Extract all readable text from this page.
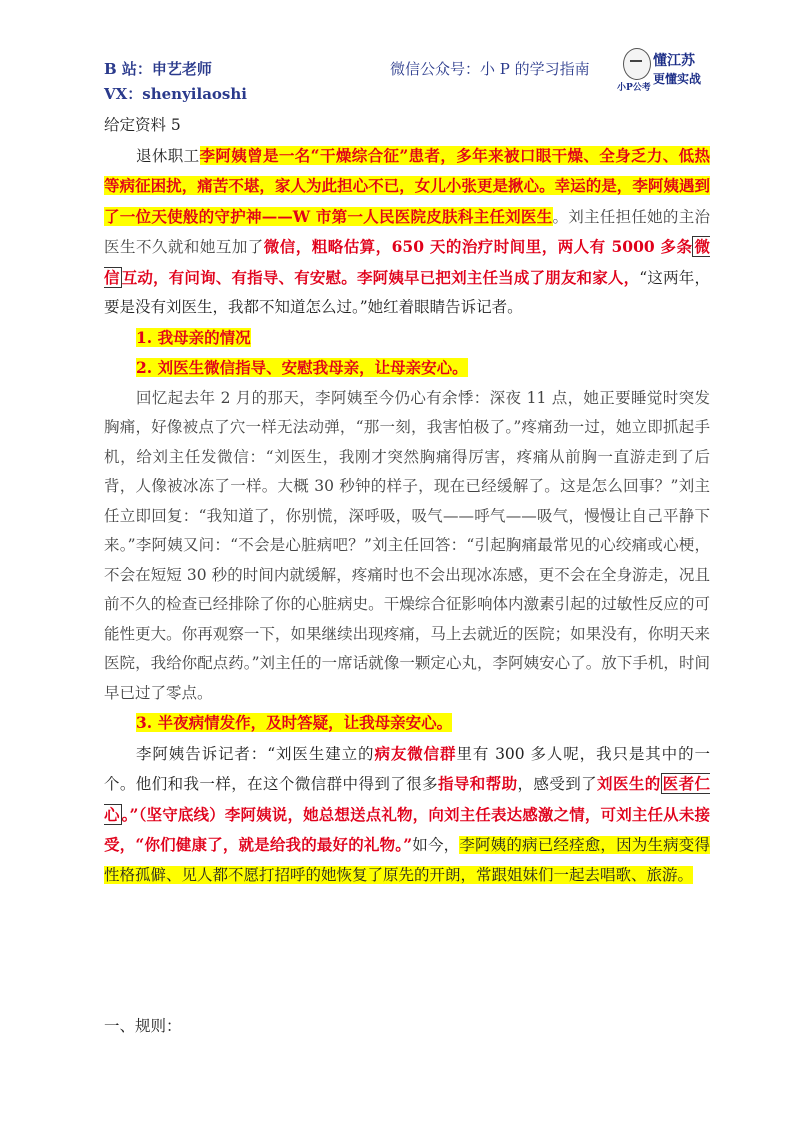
B 站：申艺老师
VX：shenyilaoshi
微信公众号：小 P 的学习指南	懂江苏
更懂实战
小P公考

给定资料 5

退休职工李阿姨曾是一名“干燥综合征”患者，多年来被口眼干燥、全身乏力、低热等病征困扰，痛苦不堪，家人为此担心不已，女儿小张更是揪心。幸运的是，李阿姨遇到了一位天使般的守护神——W 市第一人民医院皮肤科主任刘医生。刘主任担任她的主治医生不久就和她互加了微信，粗略估算，650 天的治疗时间里，两人有 5000 多条 微信 互动，有问询、有指导、有安慰。李阿姨早已把刘主任当成了朋友和家人，“这两年，要是没有刘医生，我都不知道怎么过。”她红着眼睛告诉记者。

1. 我母亲的情况

2. 刘医生微信指导、安慰我母亲，让母亲安心。

回忆起去年 2 月的那天，李阿姨至今仍心有余悸：深夜 11 点，她正要睡觉时突发胸痛，好像被点了穴一样无法动弹，“那一刻，我害怕极了。”疼痛劲一过，她立即抓起手机，给刘主任发微信：“刘医生，我刚才突然胸痛得厉害，疼痛从前胸一直游走到了后背，人像被冰冻了一样。大概 30 秒钟的样子，现在已经缓解了。这是怎么回事？”刘主任立即回复：“我知道了，你别慌，深呼吸，吸气——呼气——吸气，慢慢让自己平静下来。”李阿姨又问：“不会是心脏病吧？”刘主任回答：“引起胸痛最常见的心绞痛或心梗，不会在短短 30 秒的时间内就缓解，疼痛时也不会出现冰冻感，更不会在全身游走，况且前不久的检查已经排除了你的心脏病史。干燥综合征影响体内激素引起的过敏性反应的可能性更大。你再观察一下，如果继续出现疼痛，马上去就近的医院；如果没有，你明天来医院，我给你配点药。”刘主任的一席话就像一颗定心丸，李阿姨安心了。放下手机，时间早已过了零点。

3. 半夜病情发作，及时答疑，让我母亲安心。

李阿姨告诉记者：“刘医生建立的病友微信群里有 300 多人呢，我只是其中的一个。他们和我一样，在这个微信群中得到了很多指导和帮助，感受到了刘医生的 医者仁心 。”（坚守底线）李阿姨说，她总想送点礼物，向刘主任表达感激之情，可刘主任从未接受，“你们健康了，就是给我的最好的礼物。”如今，李阿姨的病已经痊愈，因为生病变得性格孤僻、见人都不愿打招呼的她恢复了原先的开朗，常跟姐妹们一起去唱歌、旅游。

一、规则：
